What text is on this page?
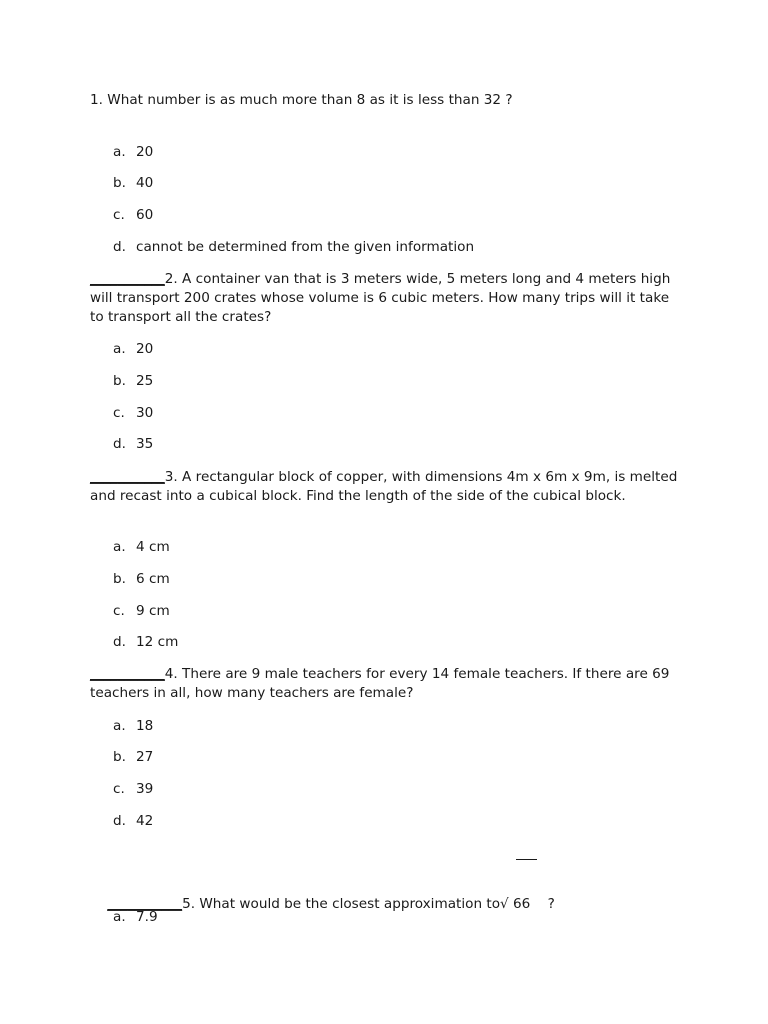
1. What number is as much more than 8 as it is less than 32 ?

a. 20
b. 40
c. 60
d. cannot be determined from the given information

___________2. A container van that is 3 meters wide, 5 meters long and 4 meters high will transport 200 crates whose volume is 6 cubic meters. How many trips will it take to transport all the crates?

a. 20
b. 25
c. 30
d. 35

___________3. A rectangular block of copper, with dimensions 4m x 6m x 9m, is melted and recast into a cubical block. Find the length of the side of the cubical block.

a. 4 cm
b. 6 cm
c. 9 cm
d. 12 cm

___________4. There are 9 male teachers for every 14 female teachers. If there are 69 teachers in all, how many teachers are female?

a. 18
b. 27
c. 39
d. 42

___________5. What would be the closest approximation to√ 66    ?

a. 7.9
